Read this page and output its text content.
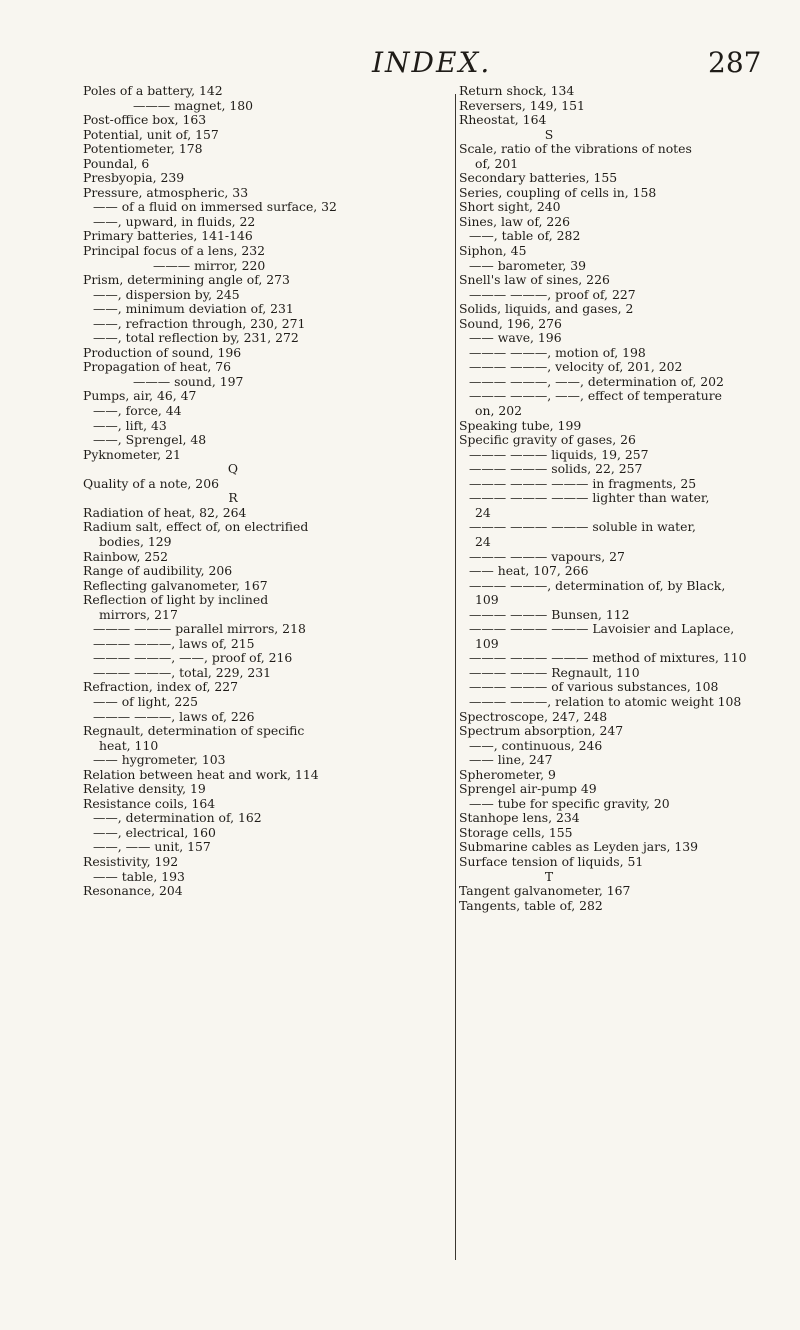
INDEX.	287
Poles of a battery, 142
——— magnet, 180
Post-office box, 163
Potential, unit of, 157
Potentiometer, 178
Poundal, 6
Presbyopia, 239
Pressure, atmospheric, 33
—— of a fluid on immersed surface, 32
——, upward, in fluids, 22
Primary batteries, 141-146
Principal focus of a lens, 232
——— mirror, 220
Prism, determining angle of, 273
——, dispersion by, 245
——, minimum deviation of, 231
——, refraction through, 230, 271
——, total reflection by, 231, 272
Production of sound, 196
Propagation of heat, 76
——— sound, 197
Pumps, air, 46, 47
——, force, 44
——, lift, 43
——, Sprengel, 48
Pyknometer, 21
Q
Quality of a note, 206
R
Radiation of heat, 82, 264
Radium salt, effect of, on electrified
bodies, 129
Rainbow, 252
Range of audibility, 206
Reflecting galvanometer, 167
Reflection of light by inclined
mirrors, 217
——— ——— parallel mirrors, 218
——— ———, laws of, 215
——— ———, ——, proof of, 216
——— ———, total, 229, 231
Refraction, index of, 227
—— of light, 225
——— ———, laws of, 226
Regnault, determination of specific
heat, 110
—— hygrometer, 103
Relation between heat and work, 114
Relative density, 19
Resistance coils, 164
——, determination of, 162
——, electrical, 160
——, —— unit, 157
Resistivity, 192
—— table, 193
Resonance, 204
Return shock, 134
Reversers, 149, 151
Rheostat, 164
S
Scale, ratio of the vibrations of notes
of, 201
Secondary batteries, 155
Series, coupling of cells in, 158
Short sight, 240
Sines, law of, 226
——, table of, 282
Siphon, 45
—— barometer, 39
Snell's law of sines, 226
——— ———, proof of, 227
Solids, liquids, and gases, 2
Sound, 196, 276
—— wave, 196
——— ———, motion of, 198
——— ———, velocity of, 201, 202
——— ———, ——, determination of, 202
——— ———, ——, effect of temperature
on, 202
Speaking tube, 199
Specific gravity of gases, 26
——— ——— liquids, 19, 257
——— ——— solids, 22, 257
——— ——— ——— in fragments, 25
——— ——— ——— lighter than water,
24
——— ——— ——— soluble in water,
24
——— ——— vapours, 27
—— heat, 107, 266
——— ———, determination of, by Black,
109
——— ——— Bunsen, 112
——— ——— ——— Lavoisier and Laplace,
109
——— ——— ——— method of mixtures, 110
——— ——— Regnault, 110
——— ——— of various substances, 108
——— ———, relation to atomic weight 108
Spectroscope, 247, 248
Spectrum absorption, 247
——, continuous, 246
—— line, 247
Spherometer, 9
Sprengel air-pump 49
—— tube for specific gravity, 20
Stanhope lens, 234
Storage cells, 155
Submarine cables as Leyden jars, 139
Surface tension of liquids, 51
T
Tangent galvanometer, 167
Tangents, table of, 282
